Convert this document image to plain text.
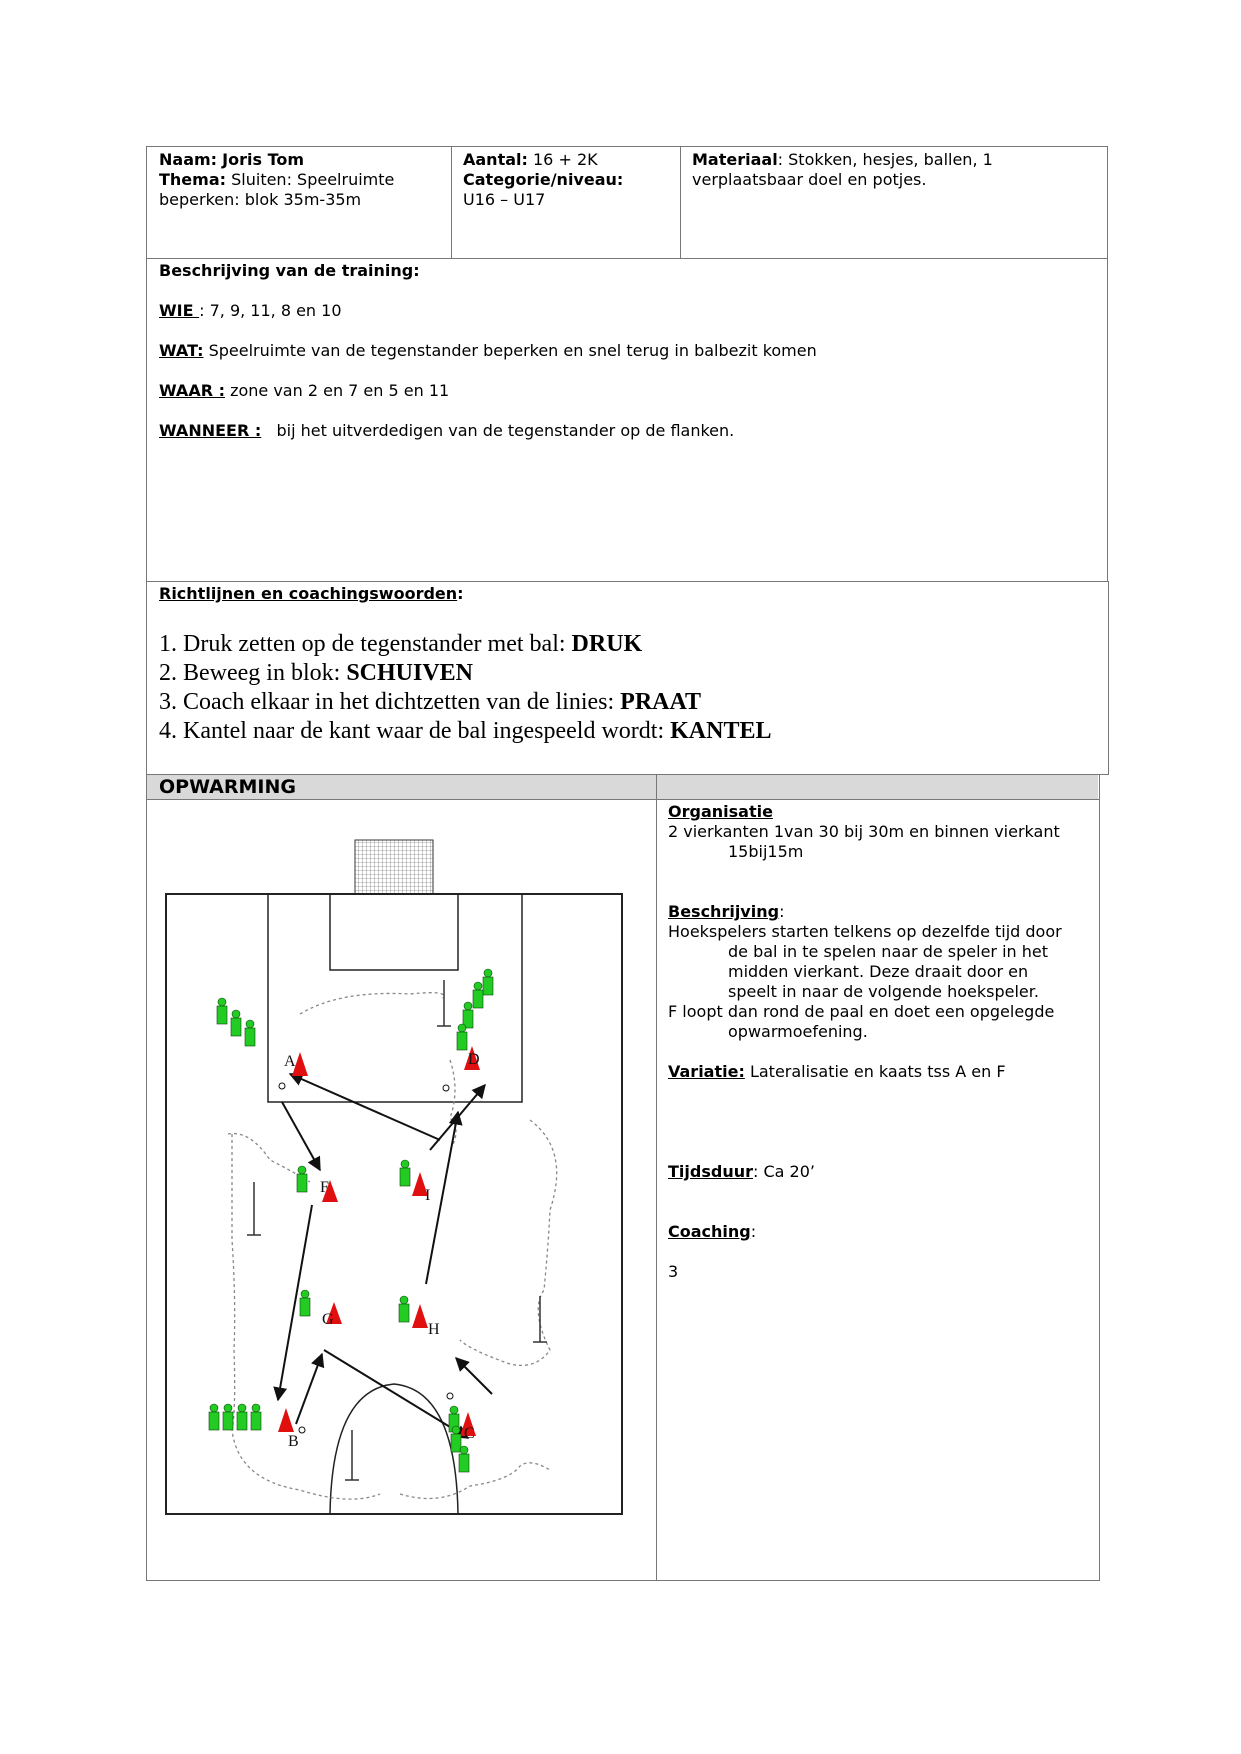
Naam: Joris Tom
Thema: Sluiten: Speelruimte beperken: blok 35m-35m
Aantal: 16 + 2K
Categorie/niveau:
U16 – U17
Materiaal: Stokken, hesjes, ballen, 1 verplaatsbaar doel en potjes.
Beschrijving van de training:
WIE : 7, 9, 11, 8 en 10
WAT: Speelruimte van de tegenstander beperken en snel terug in balbezit komen
WAAR : zone van 2 en 7 en 5 en 11
WANNEER :   bij het uitverdedigen van de tegenstander op de flanken.
Richtlijnen en coachingswoorden:
1. Druk zetten op de tegenstander met bal: DRUK
2. Beweeg in blok: SCHUIVEN
3. Coach elkaar in het dichtzetten van de linies: PRAAT
4. Kantel naar de kant waar de bal ingespeeld wordt: KANTEL
OPWARMING
Organisatie
2 vierkanten 1van 30 bij 30m en binnen vierkant
15bij15m
Beschrijving:
Hoekspelers starten telkens op dezelfde tijd door
de bal in te spelen naar de speler in het
midden vierkant. Deze draait door en
speelt in naar de volgende hoekspeler.
F loopt dan rond de paal en doet een opgelegde
opwarmoefening.
Variatie: Lateralisatie en kaats tss A en F
Tijdsduur: Ca 20’
Coaching:
3
A
B	C
D
F	I
G
H
